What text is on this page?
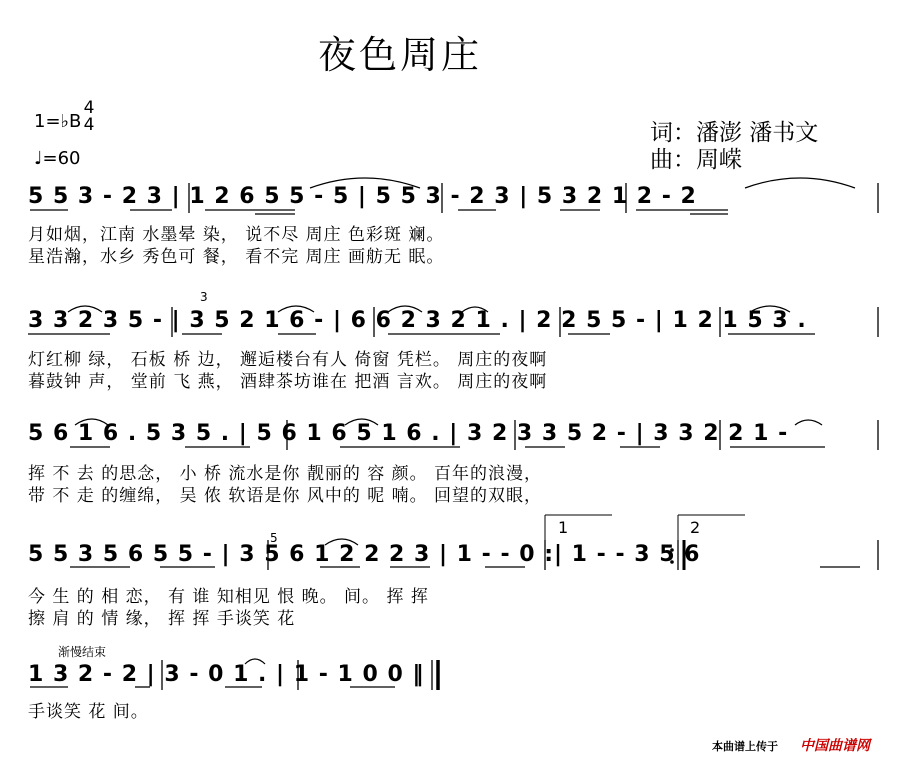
夜色周庄
1=♭B
4
4
♩=60
词：潘澎 潘书文
曲：周嵘
5 5 3 - 2 3 | 1 2 6 5 5 - 5 | 5 5 3 - 2 3 | 5 3 2 1 2 - 2
月如烟，江南 水墨晕 染， 说不尽 周庄 色彩斑 斓。
星浩瀚，水乡 秀色可 餐， 看不完 周庄 画舫无 眠。
3
3 3 2 3 5 - | 3 5 2 1 6 - | 6 6 2 3 2 1 . | 2 2 5 5 - | 1 2 1 5 3 .
灯红柳 绿， 石板 桥 边， 邂逅楼台有人 倚窗 凭栏。 周庄的夜啊
暮鼓钟 声， 堂前 飞 燕， 酒肆茶坊谁在 把酒 言欢。 周庄的夜啊
5 6 1 6 . 5 3 5 . | 5 6 1 6 5 1 6 . | 3 2 3 3 5 2 - | 3 3 2 2 1 -
挥 不 去 的思念， 小 桥 流水是你 靓丽的 容 颜。 百年的浪漫，
带 不 走 的缠绵， 吴 侬 软语是你 风中的 呢 喃。 回望的双眼，
1	2
5
5 5 3 5 6 5 5 - | 3 5 6 1 2 2 2 3 | 1 - - 0 :| 1 - - 3 5 6
今 生 的 相 恋， 有 谁 知相见 恨 晚。 间。 挥 挥
擦 肩 的 情 缘， 挥 挥 手谈笑 花
渐慢结束
1 3 2 - 2 | 3 - 0 1 . | 1 - 1 0 0 ‖
手谈笑 花 间。
本曲谱上传于 中国曲谱网
